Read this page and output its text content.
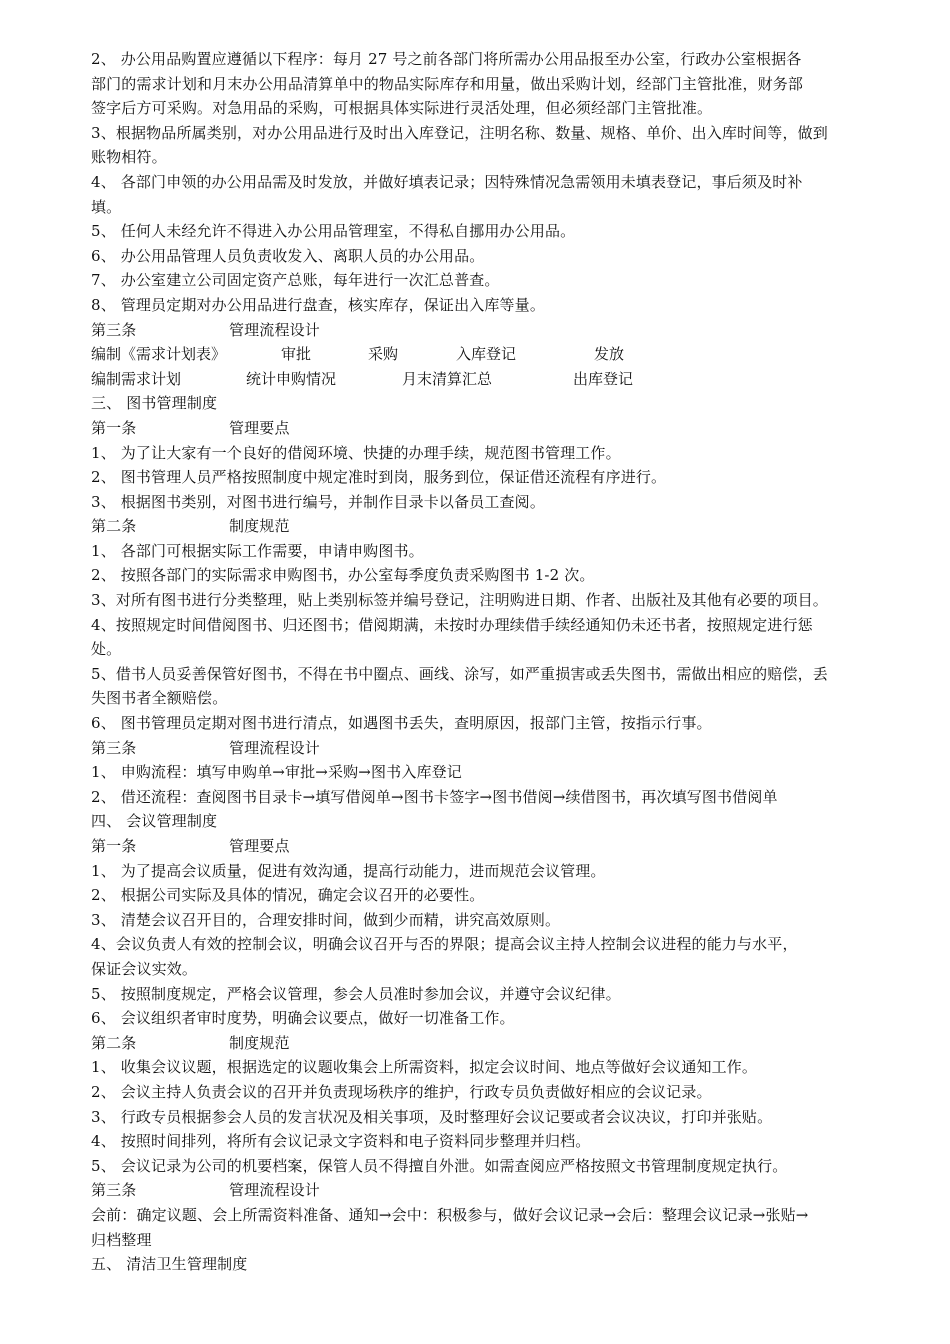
2、 办公用品购置应遵循以下程序：每月 27 号之前各部门将所需办公用品报至办公室，行政办公室根据各
部门的需求计划和月末办公用品清算单中的物品实际库存和用量，做出采购计划，经部门主管批准，财务部
签字后方可采购。对急用品的采购，可根据具体实际进行灵活处理，但必须经部门主管批准。
3、根据物品所属类别，对办公用品进行及时出入库登记，注明名称、数量、规格、单价、出入库时间等，做到
账物相符。
4、 各部门申领的办公用品需及时发放，并做好填表记录；因特殊情况急需领用未填表登记，事后须及时补
填。
5、 任何人未经允许不得进入办公用品管理室，不得私自挪用办公用品。
6、 办公用品管理人员负责收发入、离职人员的办公用品。
7、 办公室建立公司固定资产总账，每年进行一次汇总普查。
8、 管理员定期对办公用品进行盘查，核实库存，保证出入库等量。
第三条	管理流程设计
编制《需求计划表》	审批	采购	入库登记	发放
编制需求计划	统计申购情况	月末清算汇总	出库登记
三、 图书管理制度
第一条	管理要点
1、 为了让大家有一个良好的借阅环境、快捷的办理手续，规范图书管理工作。
2、 图书管理人员严格按照制度中规定准时到岗，服务到位，保证借还流程有序进行。
3、 根据图书类别，对图书进行编号，并制作目录卡以备员工查阅。
第二条	制度规范
1、 各部门可根据实际工作需要，申请申购图书。
2、 按照各部门的实际需求申购图书，办公室每季度负责采购图书 1-2 次。
3、对所有图书进行分类整理，贴上类别标签并编号登记，注明购进日期、作者、出版社及其他有必要的项目。
4、按照规定时间借阅图书、归还图书；借阅期满，未按时办理续借手续经通知仍未还书者，按照规定进行惩
处。
5、借书人员妥善保管好图书，不得在书中圈点、画线、涂写，如严重损害或丢失图书，需做出相应的赔偿，丢
失图书者全额赔偿。
6、 图书管理员定期对图书进行清点，如遇图书丢失，查明原因，报部门主管，按指示行事。
第三条	管理流程设计
1、 申购流程：填写申购单→审批→采购→图书入库登记
2、 借还流程：查阅图书目录卡→填写借阅单→图书卡签字→图书借阅→续借图书，再次填写图书借阅单
四、 会议管理制度
第一条	管理要点
1、 为了提高会议质量，促进有效沟通，提高行动能力，进而规范会议管理。
2、 根据公司实际及具体的情况，确定会议召开的必要性。
3、 清楚会议召开目的，合理安排时间，做到少而精，讲究高效原则。
4、会议负责人有效的控制会议，明确会议召开与否的界限；提高会议主持人控制会议进程的能力与水平，
保证会议实效。
5、 按照制度规定，严格会议管理，参会人员准时参加会议，并遵守会议纪律。
6、 会议组织者审时度势，明确会议要点，做好一切准备工作。
第二条	制度规范
1、 收集会议议题，根据选定的议题收集会上所需资料，拟定会议时间、地点等做好会议通知工作。
2、 会议主持人负责会议的召开并负责现场秩序的维护，行政专员负责做好相应的会议记录。
3、 行政专员根据参会人员的发言状况及相关事项，及时整理好会议记要或者会议决议，打印并张贴。
4、 按照时间排列，将所有会议记录文字资料和电子资料同步整理并归档。
5、 会议记录为公司的机要档案，保管人员不得擅自外泄。如需查阅应严格按照文书管理制度规定执行。
第三条	管理流程设计
会前：确定议题、会上所需资料准备、通知→会中：积极参与，做好会议记录→会后：整理会议记录→张贴→
归档整理
五、 清洁卫生管理制度
